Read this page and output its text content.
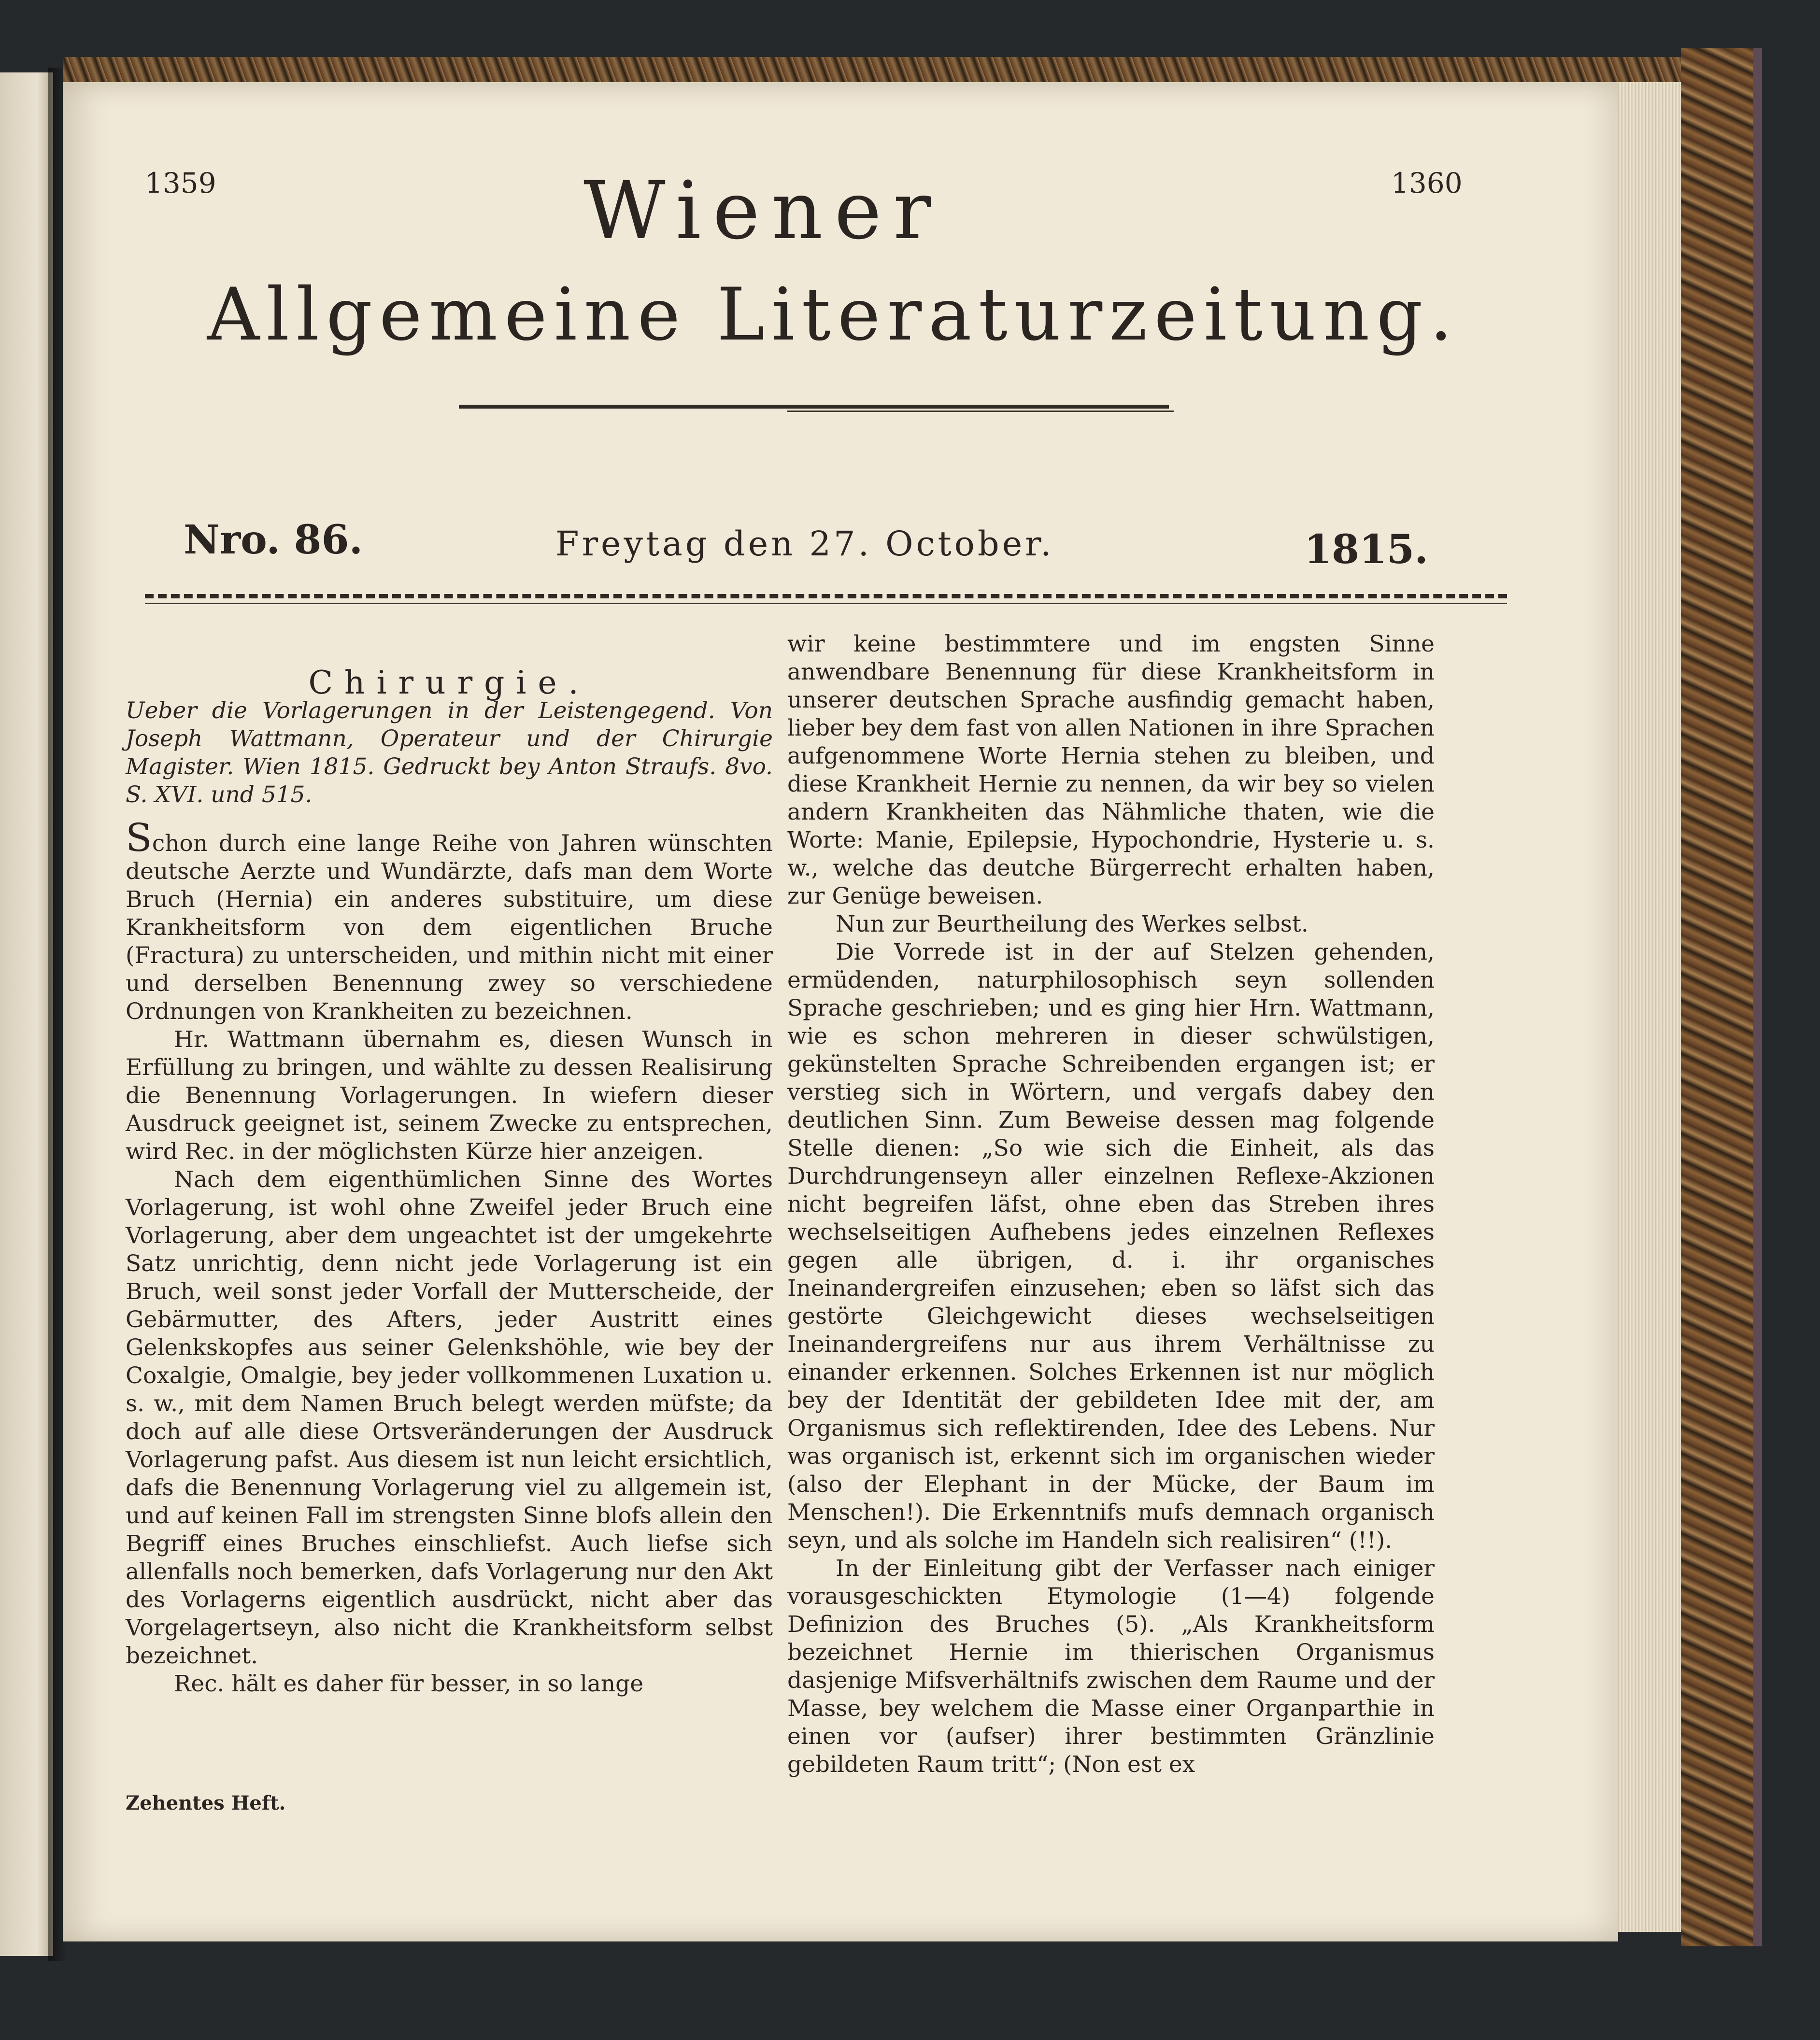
1359	1360
Wiener
Allgemeine Literaturzeitung.
Nro. 86.	Freytag den 27. October.	1815.

Chirurgie.

Ueber die Vorlagerungen in der Leistengegend. Von Joseph Wattmann, Operateur und der Chirurgie Magister. Wien 1815. Gedruckt bey Anton Straufs. 8vo. S. XVI. und 515.

Schon durch eine lange Reihe von Jahren wünschten deutsche Aerzte und Wundärzte, dafs man dem Worte Bruch (Hernia) ein anderes substituire, um diese Krankheitsform von dem eigentlichen Bruche (Fractura) zu unterscheiden, und mithin nicht mit einer und derselben Benennung zwey so verschiedene Ordnungen von Krankheiten zu bezeichnen.

Hr. Wattmann übernahm es, diesen Wunsch in Erfüllung zu bringen, und wählte zu dessen Realisirung die Benennung Vorlagerungen. In wiefern dieser Ausdruck geeignet ist, seinem Zwecke zu entsprechen, wird Rec. in der möglichsten Kürze hier anzeigen.

Nach dem eigenthümlichen Sinne des Wortes Vorlagerung, ist wohl ohne Zweifel jeder Bruch eine Vorlagerung, aber dem ungeachtet ist der umgekehrte Satz unrichtig, denn nicht jede Vorlagerung ist ein Bruch, weil sonst jeder Vorfall der Mutterscheide, der Gebärmutter, des Afters, jeder Austritt eines Gelenkskopfes aus seiner Gelenkshöhle, wie bey der Coxalgie, Omalgie, bey jeder vollkommenen Luxation u. s. w., mit dem Namen Bruch belegt werden müfste; da doch auf alle diese Ortsveränderungen der Ausdruck Vorlagerung pafst. Aus diesem ist nun leicht ersichtlich, dafs die Benennung Vorlagerung viel zu allgemein ist, und auf keinen Fall im strengsten Sinne blofs allein den Begriff eines Bruches einschliefst. Auch liefse sich allenfalls noch bemerken, dafs Vorlagerung nur den Akt des Vorlagerns eigentlich ausdrückt, nicht aber das Vorgelagertseyn, also nicht die Krankheitsform selbst bezeichnet.

Rec. hält es daher für besser, in so lange

wir keine bestimmtere und im engsten Sinne anwendbare Benennung für diese Krankheitsform in unserer deutschen Sprache ausfindig gemacht haben, lieber bey dem fast von allen Nationen in ihre Sprachen aufgenommene Worte Hernia stehen zu bleiben, und diese Krankheit Hernie zu nennen, da wir bey so vielen andern Krankheiten das Nähmliche thaten, wie die Worte: Manie, Epilepsie, Hypochondrie, Hysterie u. s. w., welche das deutche Bürgerrecht erhalten haben, zur Genüge beweisen.

Nun zur Beurtheilung des Werkes selbst.

Die Vorrede ist in der auf Stelzen gehenden, ermüdenden, naturphilosophisch seyn sollenden Sprache geschrieben; und es ging hier Hrn. Wattmann, wie es schon mehreren in dieser schwülstigen, gekünstelten Sprache Schreibenden ergangen ist; er verstieg sich in Wörtern, und vergafs dabey den deutlichen Sinn. Zum Beweise dessen mag folgende Stelle dienen: „So wie sich die Einheit, als das Durchdrungenseyn aller einzelnen Reflexe-Akzionen nicht begreifen läfst, ohne eben das Streben ihres wechselseitigen Aufhebens jedes einzelnen Reflexes gegen alle übrigen, d. i. ihr organisches Ineinandergreifen einzusehen; eben so läfst sich das gestörte Gleichgewicht dieses wechselseitigen Ineinandergreifens nur aus ihrem Verhältnisse zu einander erkennen. Solches Erkennen ist nur möglich bey der Identität der gebildeten Idee mit der, am Organismus sich reflektirenden, Idee des Lebens. Nur was organisch ist, erkennt sich im organischen wieder (also der Elephant in der Mücke, der Baum im Menschen!). Die Erkenntnifs mufs demnach organisch seyn, und als solche im Handeln sich realisiren“ (!!).

In der Einleitung gibt der Verfasser nach einiger vorausgeschickten Etymologie (1—4) folgende Definizion des Bruches (5). „Als Krankheitsform bezeichnet Hernie im thierischen Organismus dasjenige Mifsverhältnifs zwischen dem Raume und der Masse, bey welchem die Masse einer Organparthie in einen vor (aufser) ihrer bestimmten Gränzlinie gebildeten Raum tritt“; (Non est ex

Zehentes Heft.
